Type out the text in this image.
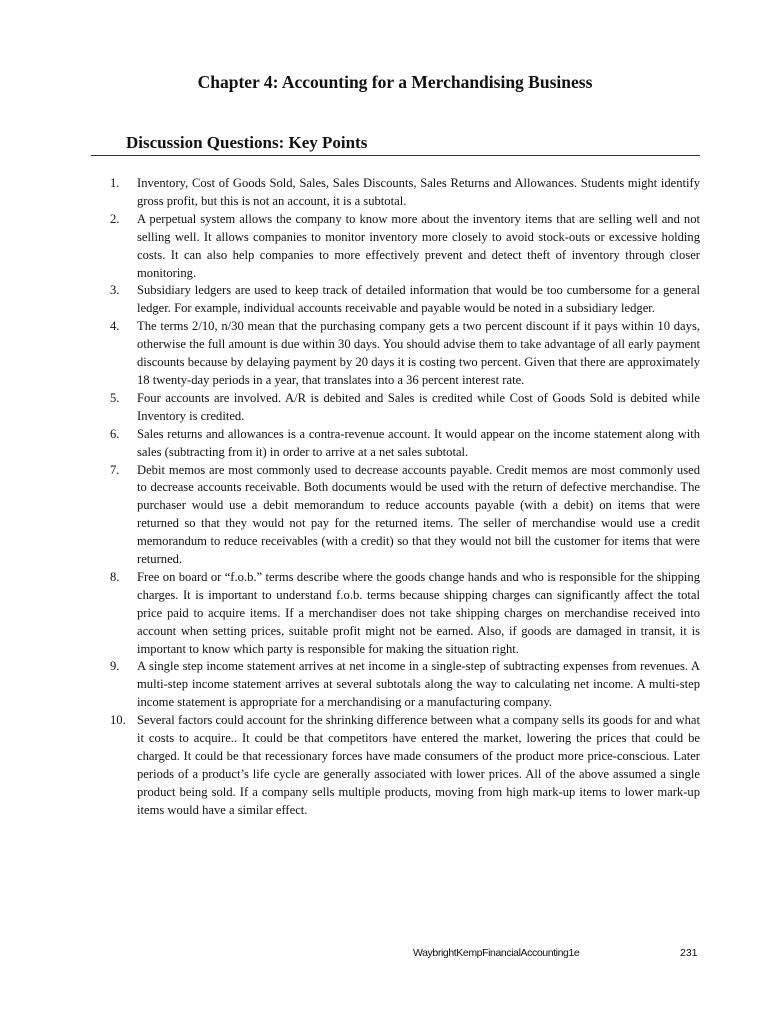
Chapter 4: Accounting for a Merchandising Business
Discussion Questions: Key Points
1.	Inventory, Cost of Goods Sold, Sales, Sales Discounts, Sales Returns and Allowances. Students might identify gross profit, but this is not an account, it is a subtotal.
2.	A perpetual system allows the company to know more about the inventory items that are selling well and not selling well. It allows companies to monitor inventory more closely to avoid stock-outs or excessive holding costs. It can also help companies to more effectively prevent and detect theft of inventory through closer monitoring.
3.	Subsidiary ledgers are used to keep track of detailed information that would be too cumbersome for a general ledger. For example, individual accounts receivable and payable would be noted in a subsidiary ledger.
4.	The terms 2/10, n/30 mean that the purchasing company gets a two percent discount if it pays within 10 days, otherwise the full amount is due within 30 days. You should advise them to take advantage of all early payment discounts because by delaying payment by 20 days it is costing two percent. Given that there are approximately 18 twenty-day periods in a year, that translates into a 36 percent interest rate.
5.	Four accounts are involved. A/R is debited and Sales is credited while Cost of Goods Sold is debited while Inventory is credited.
6.	Sales returns and allowances is a contra-revenue account. It would appear on the income statement along with sales (subtracting from it) in order to arrive at a net sales subtotal.
7.	Debit memos are most commonly used to decrease accounts payable. Credit memos are most commonly used to decrease accounts receivable. Both documents would be used with the return of defective merchandise. The purchaser would use a debit memorandum to reduce accounts payable (with a debit) on items that were returned so that they would not pay for the returned items. The seller of merchandise would use a credit memorandum to reduce receivables (with a credit) so that they would not bill the customer for items that were returned.
8.	Free on board or “f.o.b.” terms describe where the goods change hands and who is responsible for the shipping charges. It is important to understand f.o.b. terms because shipping charges can significantly affect the total price paid to acquire items. If a merchandiser does not take shipping charges on merchandise received into account when setting prices, suitable profit might not be earned. Also, if goods are damaged in transit, it is important to know which party is responsible for making the situation right.
9.	A single step income statement arrives at net income in a single-step of subtracting expenses from revenues. A multi-step income statement arrives at several subtotals along the way to calculating net income. A multi-step income statement is appropriate for a merchandising or a manufacturing company.
10. Several factors could account for the shrinking difference between what a company sells its goods for and what it costs to acquire.. It could be that competitors have entered the market, lowering the prices that could be charged. It could be that recessionary forces have made consumers of the product more price-conscious. Later periods of a product’s life cycle are generally associated with lower prices. All of the above assumed a single product being sold. If a company sells multiple products, moving from high mark-up items to lower mark-up items would have a similar effect.
WaybrightKempFinancialAccounting1e	231
